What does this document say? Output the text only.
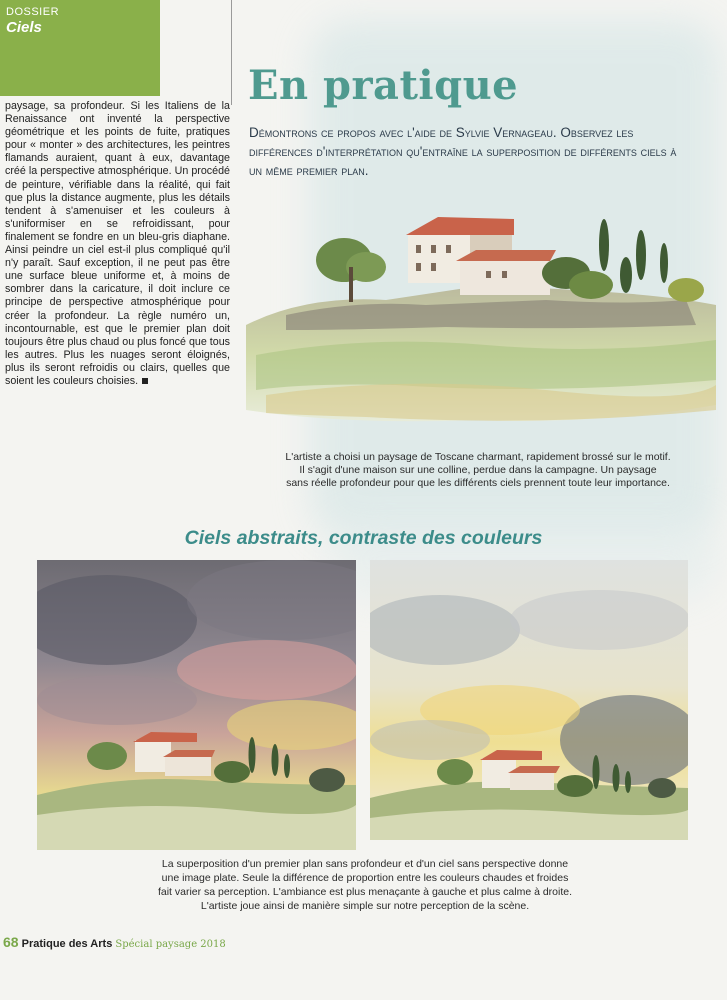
DOSSIER
Ciels
paysage, sa profondeur. Si les Italiens de la Renaissance ont inventé la perspective géométrique et les points de fuite, pratiques pour « monter » des architectures, les peintres flamands auraient, quant à eux, davantage créé la perspective atmosphérique. Un procédé de peinture, vérifiable dans la réalité, qui fait que plus la distance augmente, plus les détails tendent à s'amenuiser et les couleurs à s'uniformiser en se refroidissant, pour finalement se fondre en un bleu-gris diaphane. Ainsi peindre un ciel est-il plus compliqué qu'il n'y paraît. Sauf exception, il ne peut pas être une surface bleue uniforme et, à moins de sombrer dans la caricature, il doit inclure ce principe de perspective atmosphérique pour créer la profondeur. La règle numéro un, incontournable, est que le premier plan doit toujours être plus chaud ou plus foncé que tous les autres. Plus les nuages seront éloignés, plus ils seront refroidis ou clairs, quelles que soient les couleurs choisies.
En pratique
Démontrons ce propos avec l'aide de Sylvie Vernageau. Observez les différences d'interprétation qu'entraîne la superposition de différents ciels à un même premier plan.
L'artiste a choisi un paysage de Toscane charmant, rapidement brossé sur le motif.
Il s'agit d'une maison sur une colline, perdue dans la campagne. Un paysage
sans réelle profondeur pour que les différents ciels prennent toute leur importance.
Ciels abstraits, contraste des couleurs
La superposition d'un premier plan sans profondeur et d'un ciel sans perspective donne
une image plate. Seule la différence de proportion entre les couleurs chaudes et froides
fait varier sa perception. L'ambiance est plus menaçante à gauche et plus calme à droite.
L'artiste joue ainsi de manière simple sur notre perception de la scène.
68 Pratique des Arts Spécial paysage 2018
